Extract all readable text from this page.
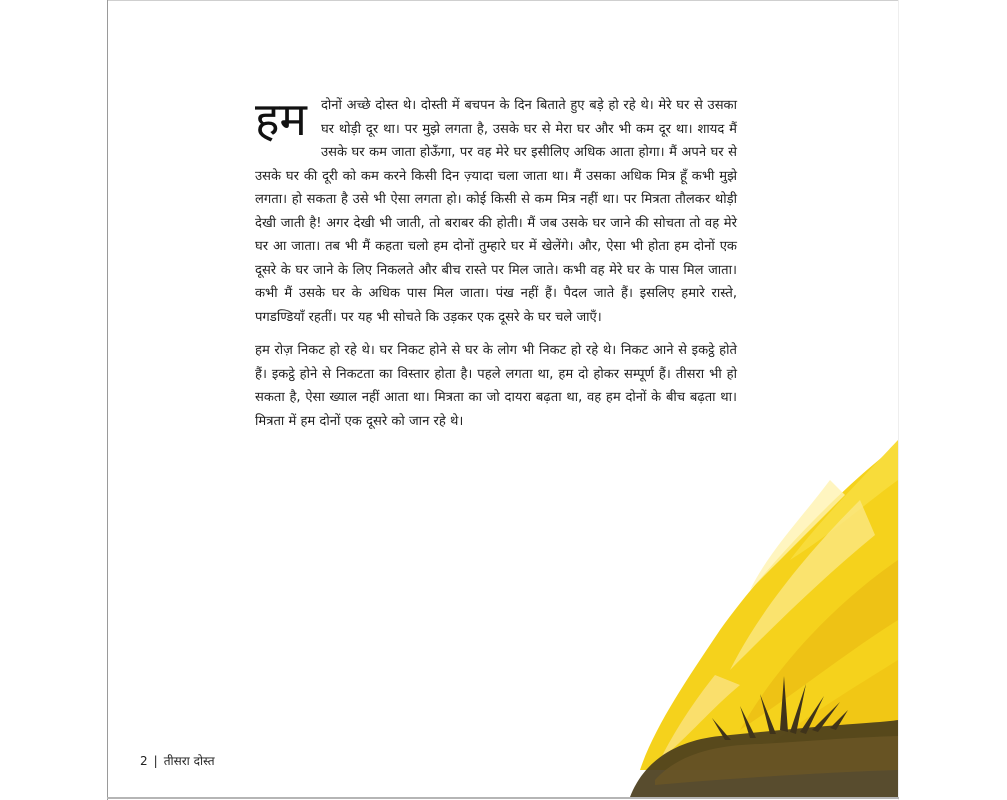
हम दोनों अच्छे दोस्त थे। दोस्ती में बचपन के दिन बिताते हुए बड़े हो रहे थे। मेरे घर से उसका घर थोड़ी दूर था। पर मुझे लगता है, उसके घर से मेरा घर और भी कम दूर था। शायद मैं उसके घर कम जाता होऊँगा, पर वह मेरे घर इसीलिए अधिक आता होगा। मैं अपने घर से उसके घर की दूरी को कम करने किसी दिन ज़्यादा चला जाता था। मैं उसका अधिक मित्र हूँ कभी मुझे लगता। हो सकता है उसे भी ऐसा लगता हो। कोई किसी से कम मित्र नहीं था। पर मित्रता तौलकर थोड़ी देखी जाती है! अगर देखी भी जाती, तो बराबर की होती। मैं जब उसके घर जाने की सोचता तो वह मेरे घर आ जाता। तब भी मैं कहता चलो हम दोनों तुम्हारे घर में खेलेंगे। और, ऐसा भी होता हम दोनों एक दूसरे के घर जाने के लिए निकलते और बीच रास्ते पर मिल जाते। कभी वह मेरे घर के पास मिल जाता। कभी मैं उसके घर के अधिक पास मिल जाता। पंख नहीं हैं। पैदल जाते हैं। इसलिए हमारे रास्ते, पगडण्डियाँ रहतीं। पर यह भी सोचते कि उड़कर एक दूसरे के घर चले जाएँ।

हम रोज़ निकट हो रहे थे। घर निकट होने से घर के लोग भी निकट हो रहे थे। निकट आने से इकट्ठे होते हैं। इकट्ठे होने से निकटता का विस्तार होता है। पहले लगता था, हम दो होकर सम्पूर्ण हैं। तीसरा भी हो सकता है, ऐसा ख्याल नहीं आता था। मित्रता का जो दायरा बढ़ता था, वह हम दोनों के बीच बढ़ता था। मित्रता में हम दोनों एक दूसरे को जान रहे थे।

2 | तीसरा दोस्त
